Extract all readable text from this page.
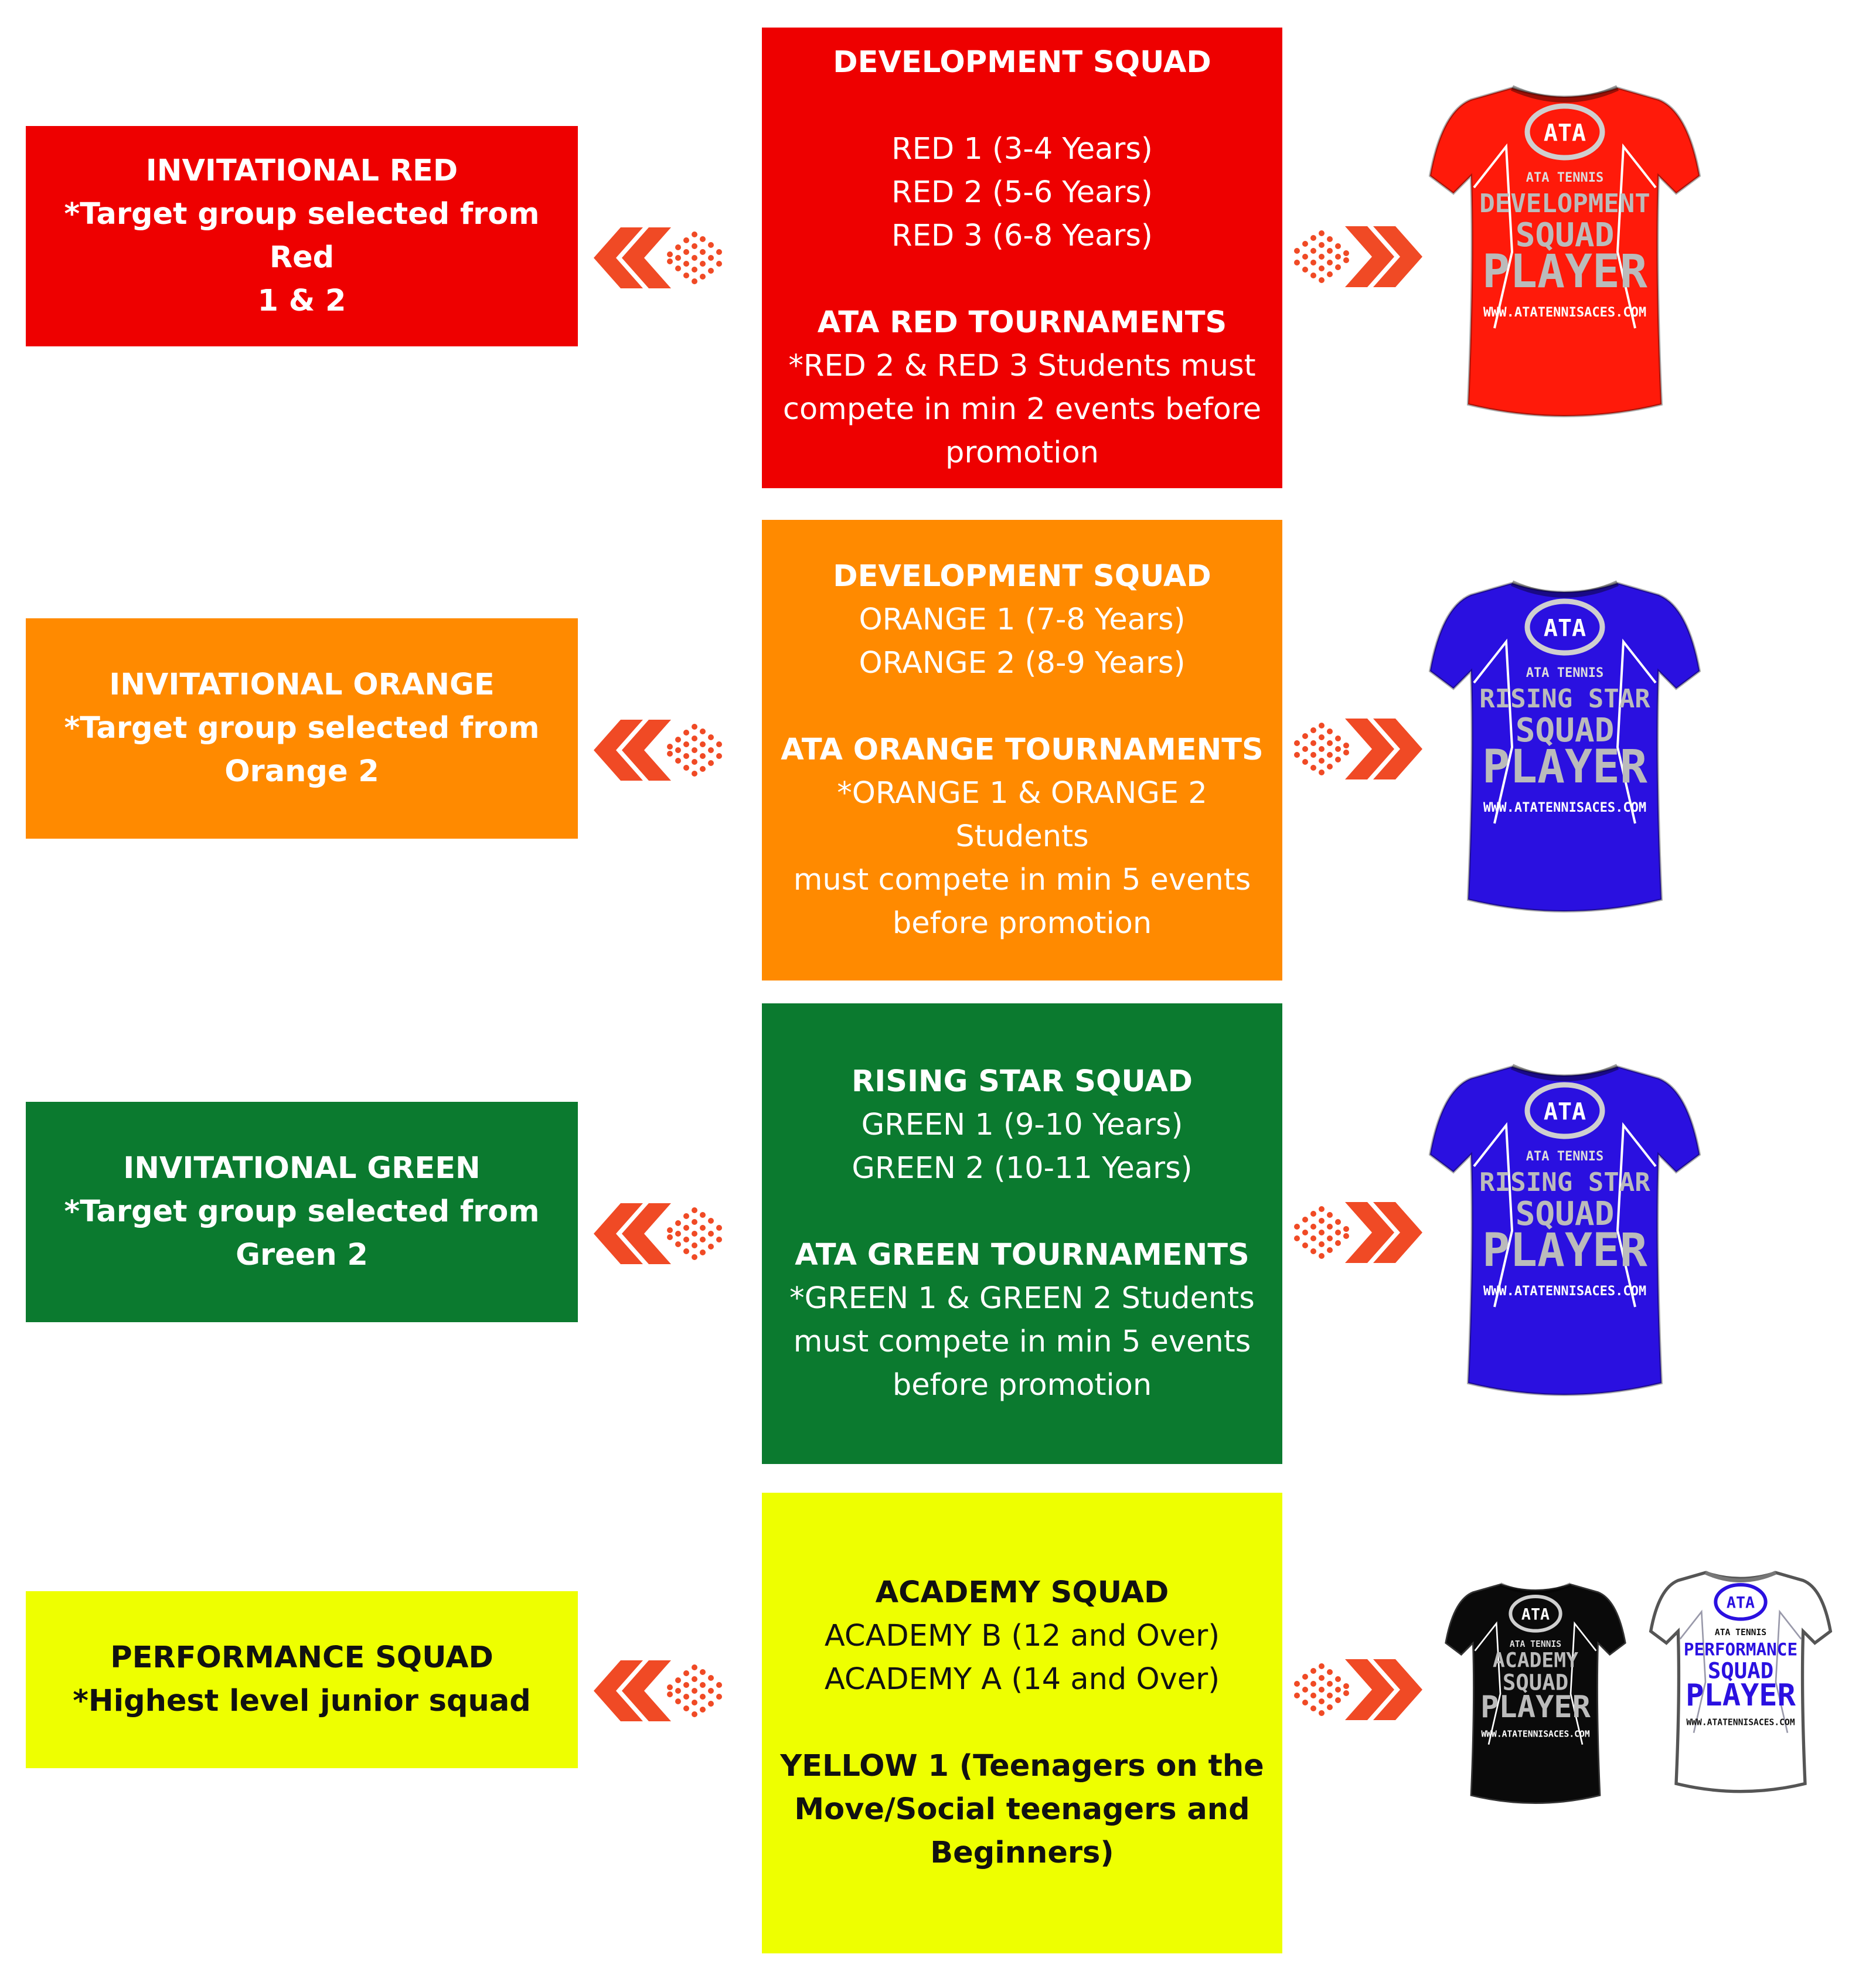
INVITATIONAL RED
*Target group selected from Red
1 & 2
DEVELOPMENT SQUAD
RED 1 (3-4 Years)
RED 2 (5-6 Years)
RED 3 (6-8 Years)
ATA RED TOURNAMENTS
*RED 2 & RED 3 Students must
compete in min 2 events before
promotion
INVITATIONAL ORANGE
*Target group selected from
Orange 2
DEVELOPMENT SQUAD
ORANGE 1 (7-8 Years)
ORANGE 2 (8-9 Years)
ATA ORANGE TOURNAMENTS
*ORANGE 1 & ORANGE 2 Students
must compete in min 5 events
before promotion
INVITATIONAL GREEN
*Target group selected from
Green 2
RISING STAR SQUAD
GREEN 1 (9-10 Years)
GREEN 2 (10-11 Years)
ATA GREEN TOURNAMENTS
*GREEN 1 & GREEN 2 Students
must compete in min 5 events
before promotion
PERFORMANCE SQUAD
*Highest level junior squad
ACADEMY SQUAD
ACADEMY B (12 and Over)
ACADEMY A (14 and Over)
YELLOW 1 (Teenagers on the
Move/Social teenagers and
Beginners)
ATA
ATA TENNIS
DEVELOPMENT
SQUAD
PLAYER
WWW.ATATENNISACES.COM
ATA
ATA TENNIS
RISING STAR
SQUAD
PLAYER
WWW.ATATENNISACES.COM
ATA
ATA TENNIS
RISING STAR
SQUAD
PLAYER
WWW.ATATENNISACES.COM
ATA
ATA TENNIS
ACADEMY
SQUAD
PLAYER
WWW.ATATENNISACES.COM
ATA
ATA TENNIS
PERFORMANCE
SQUAD
PLAYER
WWW.ATATENNISACES.COM
